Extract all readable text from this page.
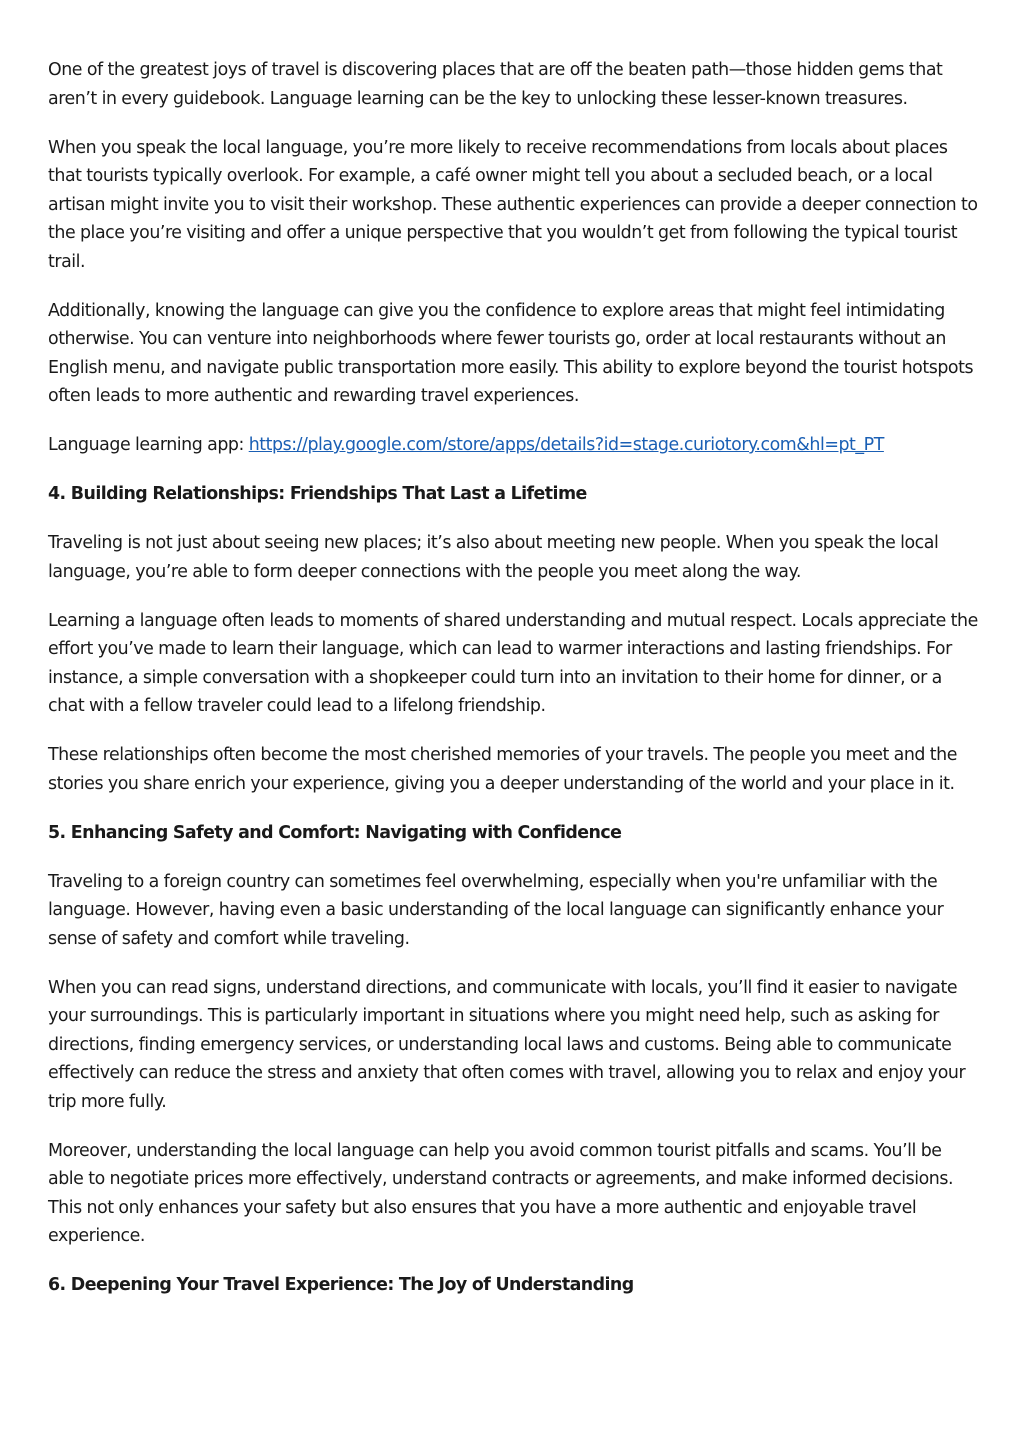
One of the greatest joys of travel is discovering places that are off the beaten path—those hidden gems that aren’t in every guidebook. Language learning can be the key to unlocking these lesser-known treasures.

When you speak the local language, you’re more likely to receive recommendations from locals about places that tourists typically overlook. For example, a café owner might tell you about a secluded beach, or a local artisan might invite you to visit their workshop. These authentic experiences can provide a deeper connection to the place you’re visiting and offer a unique perspective that you wouldn’t get from following the typical tourist trail.

Additionally, knowing the language can give you the confidence to explore areas that might feel intimidating otherwise. You can venture into neighborhoods where fewer tourists go, order at local restaurants without an English menu, and navigate public transportation more easily. This ability to explore beyond the tourist hotspots often leads to more authentic and rewarding travel experiences.

Language learning app: https://play.google.com/store/apps/details?id=stage.curiotory.com&hl=pt_PT

4. Building Relationships: Friendships That Last a Lifetime

Traveling is not just about seeing new places; it’s also about meeting new people. When you speak the local language, you’re able to form deeper connections with the people you meet along the way.

Learning a language often leads to moments of shared understanding and mutual respect. Locals appreciate the effort you’ve made to learn their language, which can lead to warmer interactions and lasting friendships. For instance, a simple conversation with a shopkeeper could turn into an invitation to their home for dinner, or a chat with a fellow traveler could lead to a lifelong friendship.

These relationships often become the most cherished memories of your travels. The people you meet and the stories you share enrich your experience, giving you a deeper understanding of the world and your place in it.

5. Enhancing Safety and Comfort: Navigating with Confidence

Traveling to a foreign country can sometimes feel overwhelming, especially when you're unfamiliar with the language. However, having even a basic understanding of the local language can significantly enhance your sense of safety and comfort while traveling.

When you can read signs, understand directions, and communicate with locals, you’ll find it easier to navigate your surroundings. This is particularly important in situations where you might need help, such as asking for directions, finding emergency services, or understanding local laws and customs. Being able to communicate effectively can reduce the stress and anxiety that often comes with travel, allowing you to relax and enjoy your trip more fully.

Moreover, understanding the local language can help you avoid common tourist pitfalls and scams. You’ll be able to negotiate prices more effectively, understand contracts or agreements, and make informed decisions. This not only enhances your safety but also ensures that you have a more authentic and enjoyable travel experience.

6. Deepening Your Travel Experience: The Joy of Understanding
